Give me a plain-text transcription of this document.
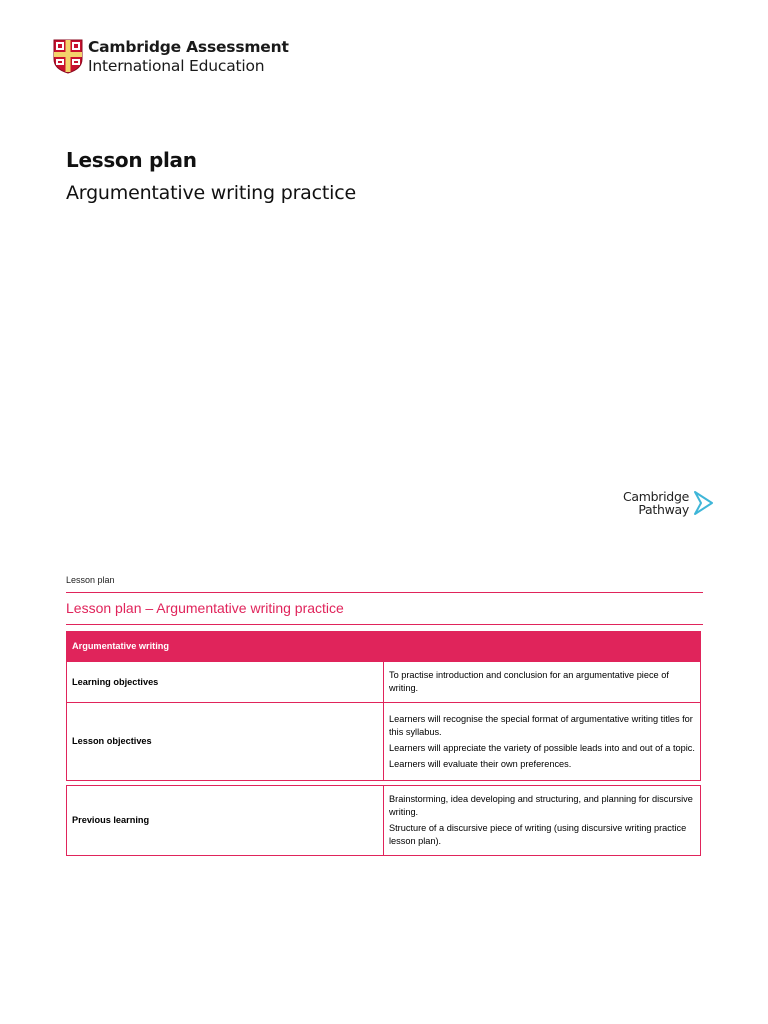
Cambridge Assessment
International Education
Lesson plan
Argumentative writing practice
Cambridge
Pathway
Lesson plan
Lesson plan – Argumentative writing practice
Argumentative writing	
Learning objectives	To practise introduction and conclusion for an argumentative piece of writing.

Lesson objectives	Learners will recognise the special format of argumentative writing titles for this syllabus.

Learners will appreciate the variety of possible leads into and out of a topic.

Learners will evaluate their own preferences.

Previous learning	Brainstorming, idea developing and structuring, and planning for discursive writing.

Structure of a discursive piece of writing (using discursive writing practice lesson plan).
